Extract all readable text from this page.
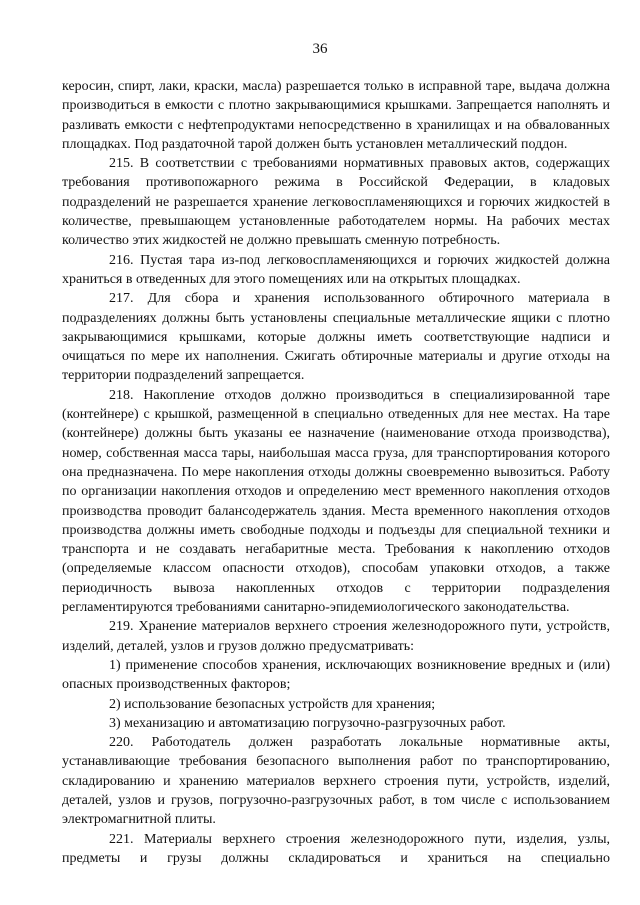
36

керосин, спирт, лаки, краски, масла) разрешается только в исправной таре, выдача должна производиться в емкости с плотно закрывающимися крышками. Запрещается наполнять и разливать емкости с нефтепродуктами непосредственно в хранилищах и на обвалованных площадках. Под раздаточной тарой должен быть установлен металлический поддон.

215. В соответствии с требованиями нормативных правовых актов, содержащих требования противопожарного режима в Российской Федерации, в кладовых подразделений не разрешается хранение легковоспламеняющихся и горючих жидкостей в количестве, превышающем установленные работодателем нормы. На рабочих местах количество этих жидкостей не должно превышать сменную потребность.

216. Пустая тара из-под легковоспламеняющихся и горючих жидкостей должна храниться в отведенных для этого помещениях или на открытых площадках.

217. Для сбора и хранения использованного обтирочного материала в подразделениях должны быть установлены специальные металлические ящики с плотно закрывающимися крышками, которые должны иметь соответствующие надписи и очищаться по мере их наполнения. Сжигать обтирочные материалы и другие отходы на территории подразделений запрещается.

218. Накопление отходов должно производиться в специализированной таре (контейнере) с крышкой, размещенной в специально отведенных для нее местах. На таре (контейнере) должны быть указаны ее назначение (наименование отхода производства), номер, собственная масса тары, наибольшая масса груза, для транспортирования которого она предназначена. По мере накопления отходы должны своевременно вывозиться. Работу по организации накопления отходов и определению мест временного накопления отходов производства проводит балансодержатель здания. Места временного накопления отходов производства должны иметь свободные подходы и подъезды для специальной техники и транспорта и не создавать негабаритные места. Требования к накоплению отходов (определяемые классом опасности отходов), способам упаковки отходов, а также периодичность вывоза накопленных отходов с территории подразделения регламентируются требованиями санитарно-эпидемиологического законодательства.

219. Хранение материалов верхнего строения железнодорожного пути, устройств, изделий, деталей, узлов и грузов должно предусматривать:

1) применение способов хранения, исключающих возникновение вредных и (или) опасных производственных факторов;

2) использование безопасных устройств для хранения;

3) механизацию и автоматизацию погрузочно-разгрузочных работ.

220. Работодатель должен разработать локальные нормативные акты, устанавливающие требования безопасного выполнения работ по транспортированию, складированию и хранению материалов верхнего строения пути, устройств, изделий, деталей, узлов и грузов, погрузочно-разгрузочных работ, в том числе с использованием электромагнитной плиты.

221. Материалы верхнего строения железнодорожного пути, изделия, узлы, предметы и грузы должны складироваться и храниться на специально
